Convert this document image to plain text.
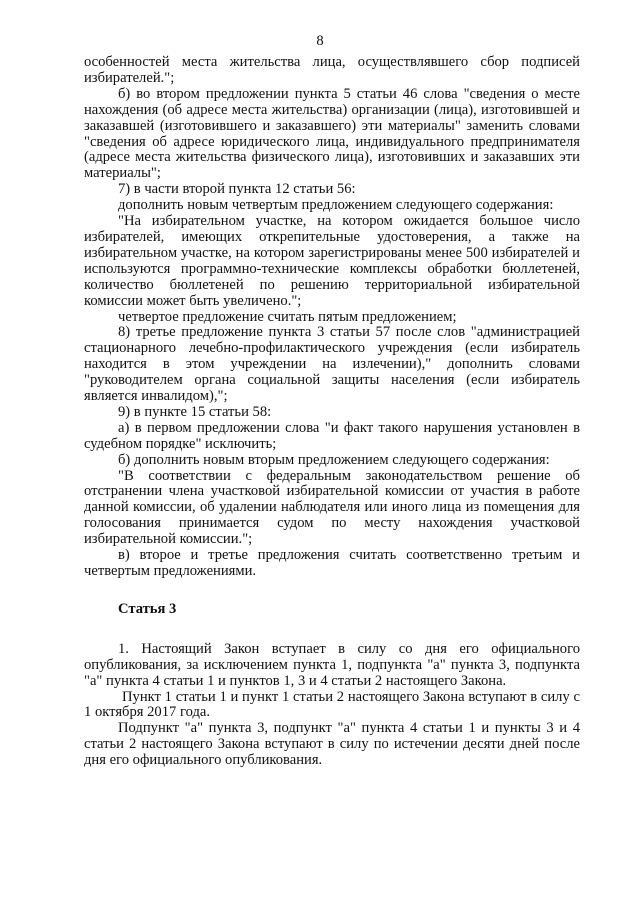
8

особенностей места жительства лица, осуществлявшего сбор подписей избирателей.";

б) во втором предложении пункта 5 статьи 46 слова "сведения о месте нахождения (об адресе места жительства) организации (лица), изготовившей и заказавшей (изготовившего и заказавшего) эти материалы" заменить словами "сведения об адресе юридического лица, индивидуального предпринимателя (адресе места жительства физического лица), изготовивших и заказавших эти материалы";

7) в части второй пункта 12 статьи 56:

дополнить новым четвертым предложением следующего содержания:

"На избирательном участке, на котором ожидается большое число избирателей, имеющих открепительные удостоверения, а также на избирательном участке, на котором зарегистрированы менее 500 избирателей и используются программно-технические комплексы обработки бюллетеней, количество бюллетеней по решению территориальной избирательной комиссии может быть увеличено.";

четвертое предложение считать пятым предложением;

8) третье предложение пункта 3 статьи 57 после слов "администрацией стационарного лечебно-профилактического учреждения (если избиратель находится в этом учреждении на излечении)," дополнить словами "руководителем органа социальной защиты населения (если избиратель является инвалидом),";

9) в пункте 15 статьи 58:

а) в первом предложении слова "и факт такого нарушения установлен в судебном порядке" исключить;

б) дополнить новым вторым предложением следующего содержания:

"В соответствии с федеральным законодательством решение об отстранении члена участковой избирательной комиссии от участия в работе данной комиссии, об удалении наблюдателя или иного лица из помещения для голосования принимается судом по месту нахождения участковой избирательной комиссии.";

в) второе и третье предложения считать соответственно третьим и четвертым предложениями.

Статья 3

1. Настоящий Закон вступает в силу со дня его официального опубликования, за исключением пункта 1, подпункта "а" пункта 3, подпункта "а" пункта 4 статьи 1 и пунктов 1, 3 и 4 статьи 2 настоящего Закона.

Пункт 1 статьи 1 и пункт 1 статьи 2 настоящего Закона вступают в силу с 1 октября 2017 года.

Подпункт "а" пункта 3, подпункт "а" пункта 4 статьи 1 и пункты 3 и 4 статьи 2 настоящего Закона вступают в силу по истечении десяти дней после дня его официального опубликования.
